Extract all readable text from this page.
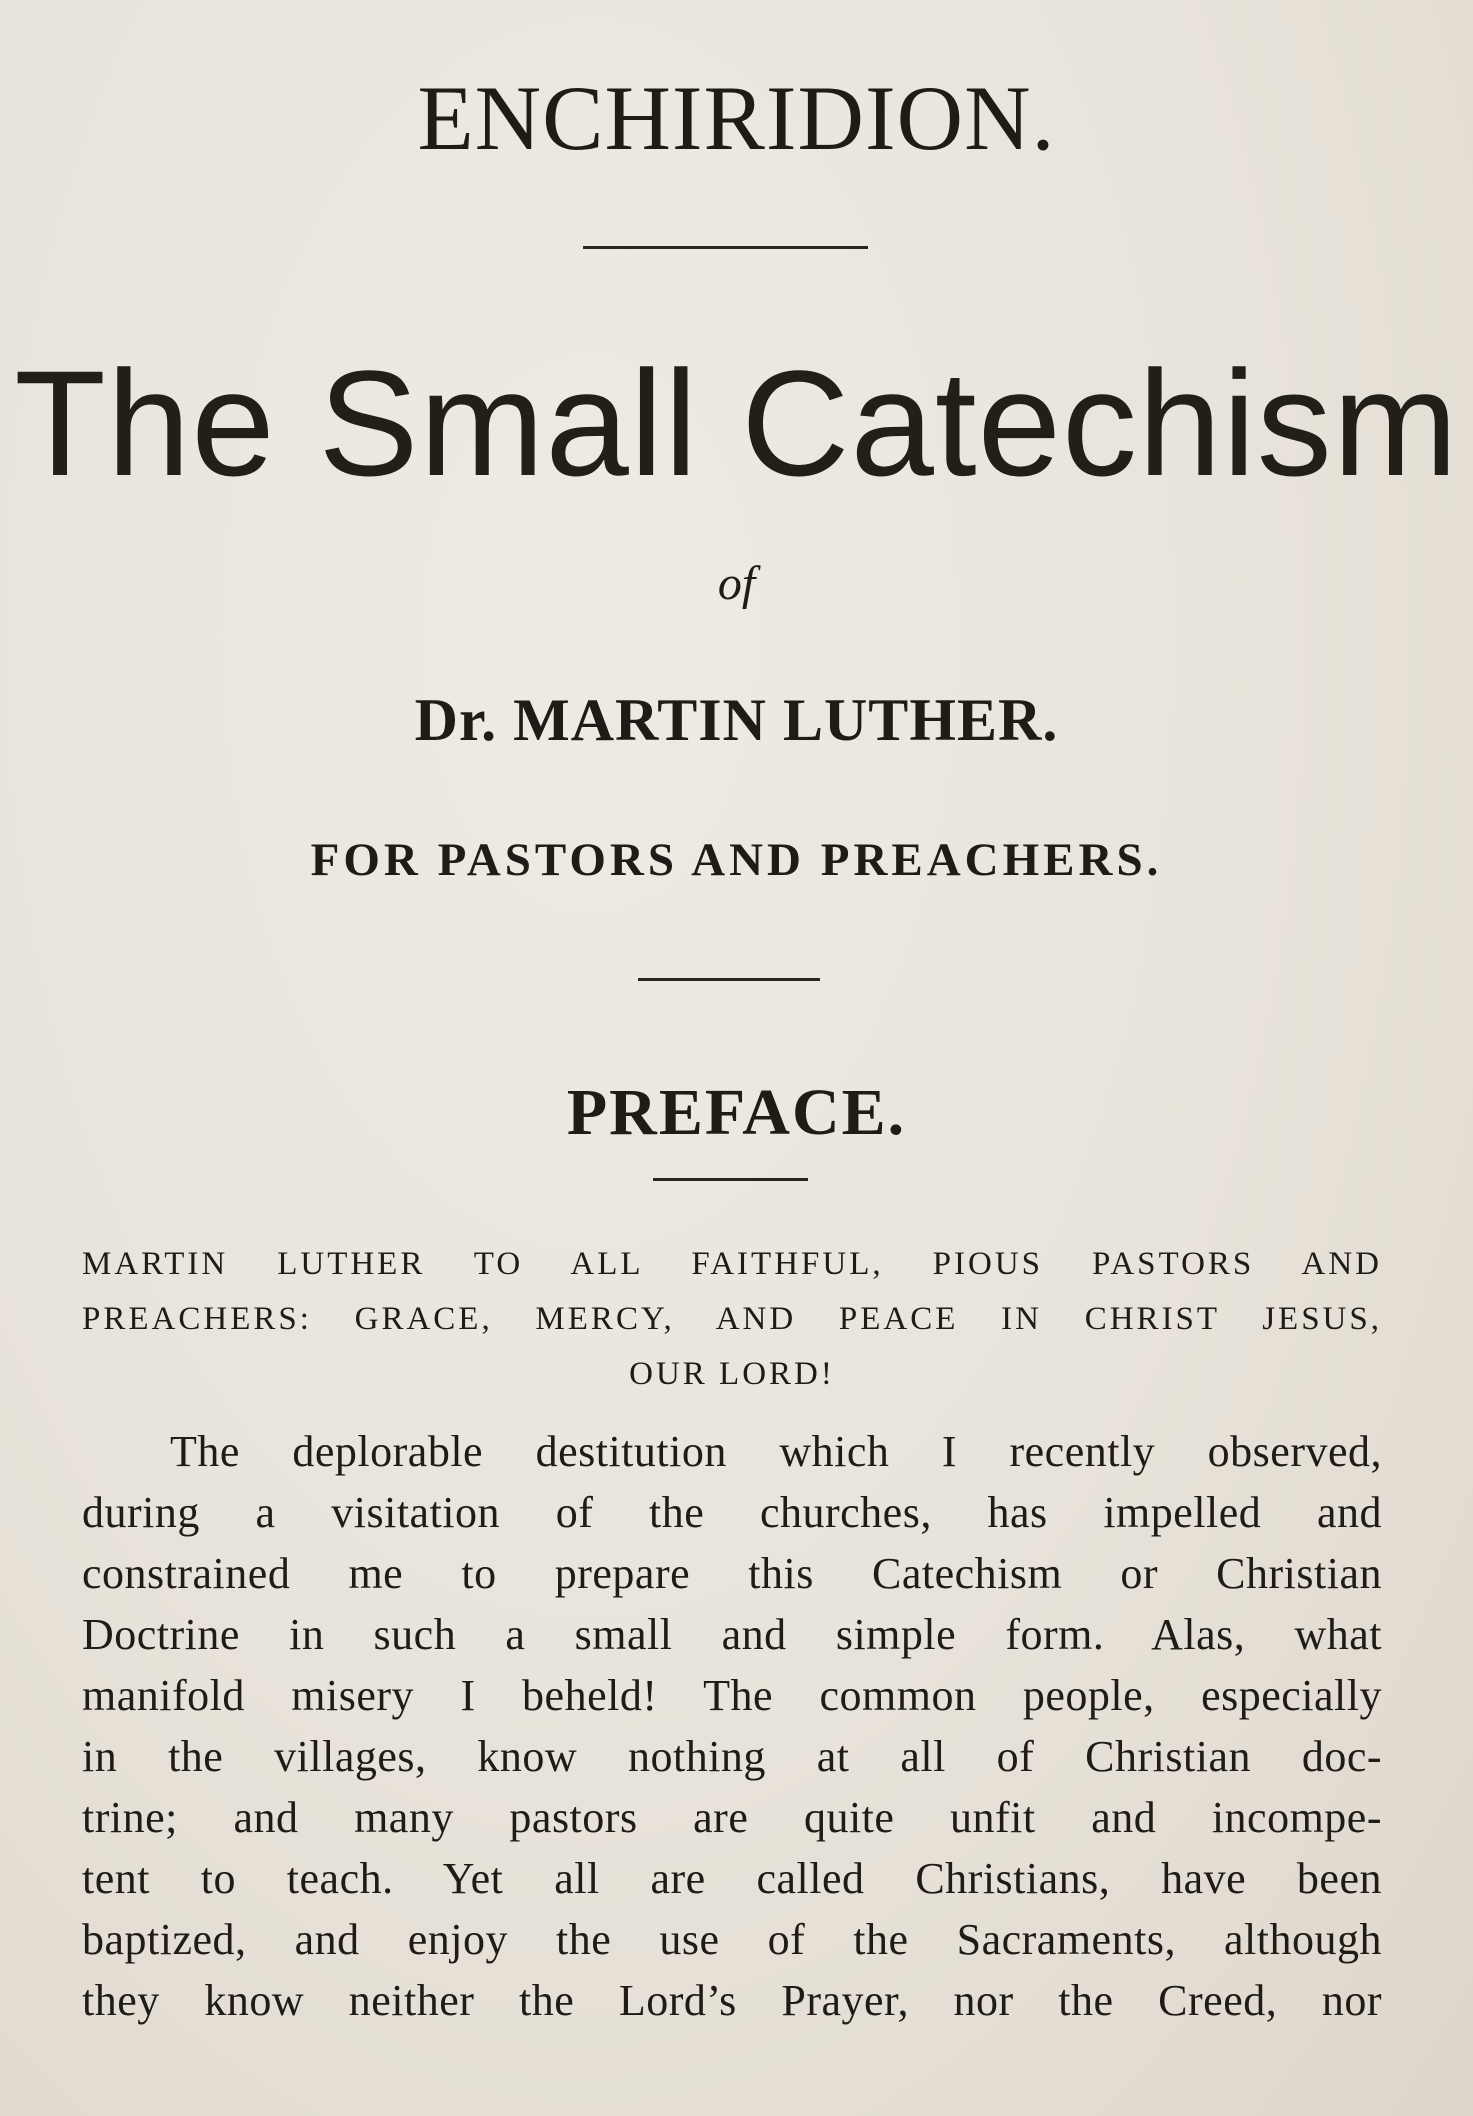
ENCHIRIDION.
The Small Catechism

of

Dr. MARTIN LUTHER.

FOR PASTORS AND PREACHERS.

PREFACE.
MARTIN LUTHER TO ALL FAITHFUL, PIOUS PASTORS AND
PREACHERS: GRACE, MERCY, AND PEACE IN CHRIST JESUS,
OUR LORD!
The deplorable destitution which I recently observed,
during a visitation of the churches, has impelled and
constrained me to prepare this Catechism or Christian
Doctrine in such a small and simple form. Alas, what
manifold misery I beheld! The common people, especially
in the villages, know nothing at all of Christian doc-
trine; and many pastors are quite unfit and incompe-
tent to teach. Yet all are called Christians, have been
baptized, and enjoy the use of the Sacraments, although
they know neither the Lord’s Prayer, nor the Creed, nor
